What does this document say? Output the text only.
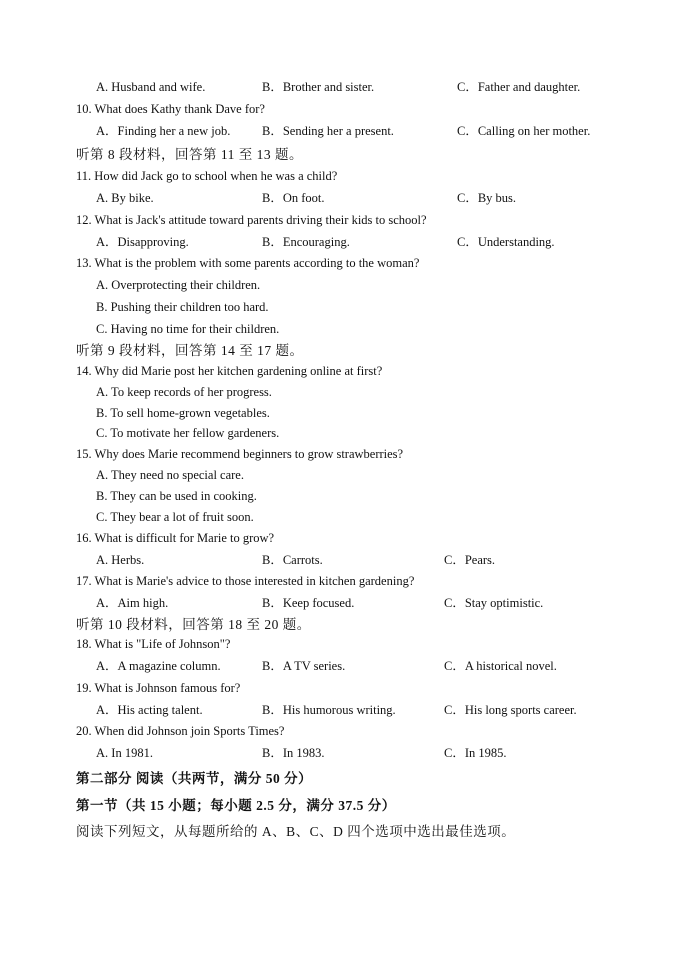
A. Husband and wife.	B．Brother and sister.	C．Father and daughter.
10. What does Kathy thank Dave for?
A．Finding her a new job.	B．Sending her a present.	C．Calling on her mother.
听第 8 段材料，回答第 11 至 13 题。
11. How did Jack go to school when he was a child?
A. By bike.	B．On foot.	C．By bus.
12. What is Jack's attitude toward parents driving their kids to school?
A．Disapproving.	B．Encouraging.	C．Understanding.
13. What is the problem with some parents according to the woman?
A. Overprotecting their children.
B. Pushing their children too hard.
C. Having no time for their children.
听第 9 段材料，回答第 14 至 17 题。
14. Why did Marie post her kitchen gardening online at first?
A. To keep records of her progress.
B. To sell home-grown vegetables.
C. To motivate her fellow gardeners.
15. Why does Marie recommend beginners to grow strawberries?
A. They need no special care.
B. They can be used in cooking.
C. They bear a lot of fruit soon.
16. What is difficult for Marie to grow?
A. Herbs.	B．Carrots.	C．Pears.
17. What is Marie's advice to those interested in kitchen gardening?
A．Aim high.	B．Keep focused.	C．Stay optimistic.
听第 10 段材料，回答第 18 至 20 题。
18. What is "Life of Johnson"?
A．A magazine column.	B．A TV series.	C．A historical novel.
19. What is Johnson famous for?
A．His acting talent.	B．His humorous writing.	C．His long sports career.
20. When did Johnson join Sports Times?
A. In 1981.	B．In 1983.	C．In 1985.
第二部分 阅读（共两节，满分 50 分）
第一节（共 15 小题；每小题 2.5 分，满分 37.5 分）
阅读下列短文，从每题所给的 A、B、C、D 四个选项中选出最佳选项。
